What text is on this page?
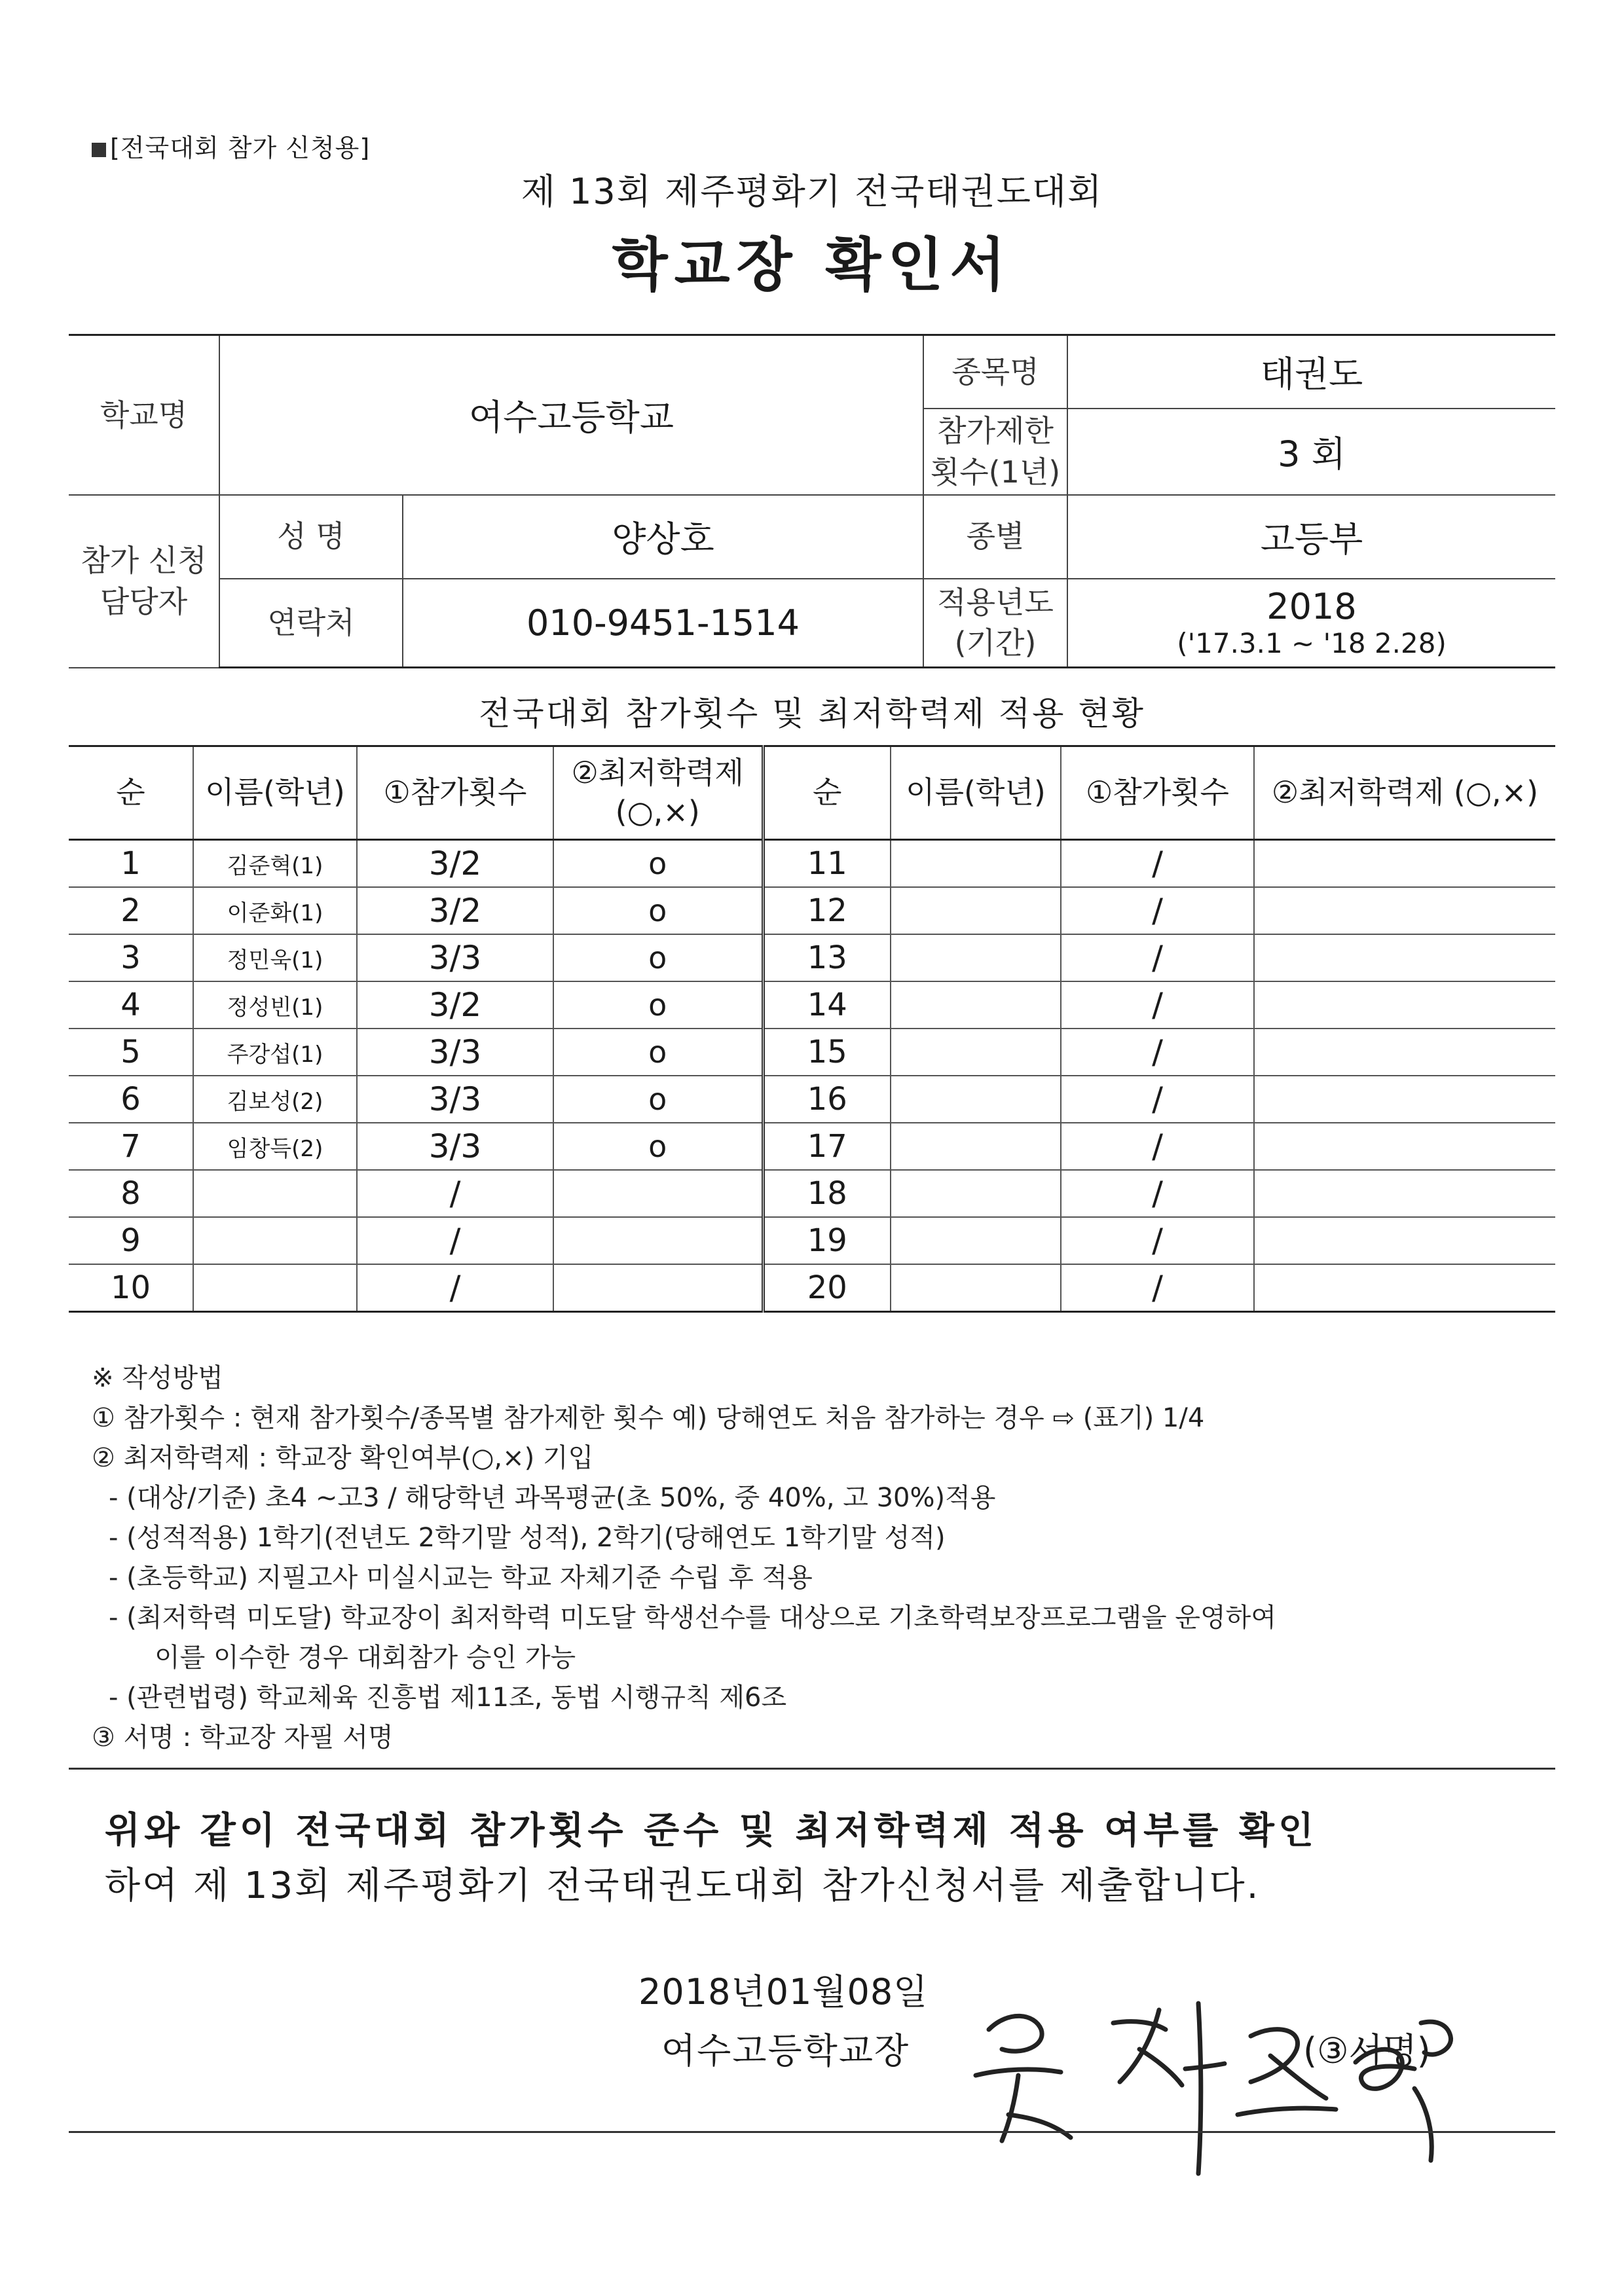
[전국대회 참가 신청용]
제 13회 제주평화기 전국태권도대회
학교장 확인서
학교명	여수고등학교		종목명	태권도
			참가제한 횟수(1년)	3 회
참가 신청 담당자	성 명	양상호	종별	고등부
	연락처	010-9451-1514	적용년도 (기간)	2018
('17.3.1 ~ '18 2.28)
전국대회 참가횟수 및 최저학력제 적용 현황
순	이름(학년)	①참가횟수	②최저학력제 (○,×)	순	이름(학년)	①참가횟수	②최저학력제 (○,×)
1	김준혁(1)	3/2	o	11		/	
2	이준화(1)	3/2	o	12		/	
3	정민욱(1)	3/3	o	13		/	
4	정성빈(1)	3/2	o	14		/	
5	주강섭(1)	3/3	o	15		/	
6	김보성(2)	3/3	o	16		/	
7	임창득(2)	3/3	o	17		/	
8		/		18		/	
9		/		19		/	
10		/		20		/	
※ 작성방법
① 참가횟수 : 현재 참가횟수/종목별 참가제한 횟수 예) 당해연도 처음 참가하는 경우 ⇨ (표기) 1/4
② 최저학력제 : 학교장 확인여부(○,×) 기입
- (대상/기준) 초4 ~고3 / 해당학년 과목평균(초 50%, 중 40%, 고 30%)적용
- (성적적용) 1학기(전년도 2학기말 성적), 2학기(당해연도 1학기말 성적)
- (초등학교) 지필고사 미실시교는 학교 자체기준 수립 후 적용
- (최저학력 미도달) 학교장이 최저학력 미도달 학생선수를 대상으로 기초학력보장프로그램을 운영하여
이를 이수한 경우 대회참가 승인 가능
- (관련법령) 학교체육 진흥법 제11조, 동법 시행규칙 제6조
③ 서명 : 학교장 자필 서명
위와 같이 전국대회 참가횟수 준수 및 최저학력제 적용 여부를 확인
하여 제 13회 제주평화기 전국태권도대회 참가신청서를 제출합니다.
2018년01월08일
여수고등학교장	(③서명)
